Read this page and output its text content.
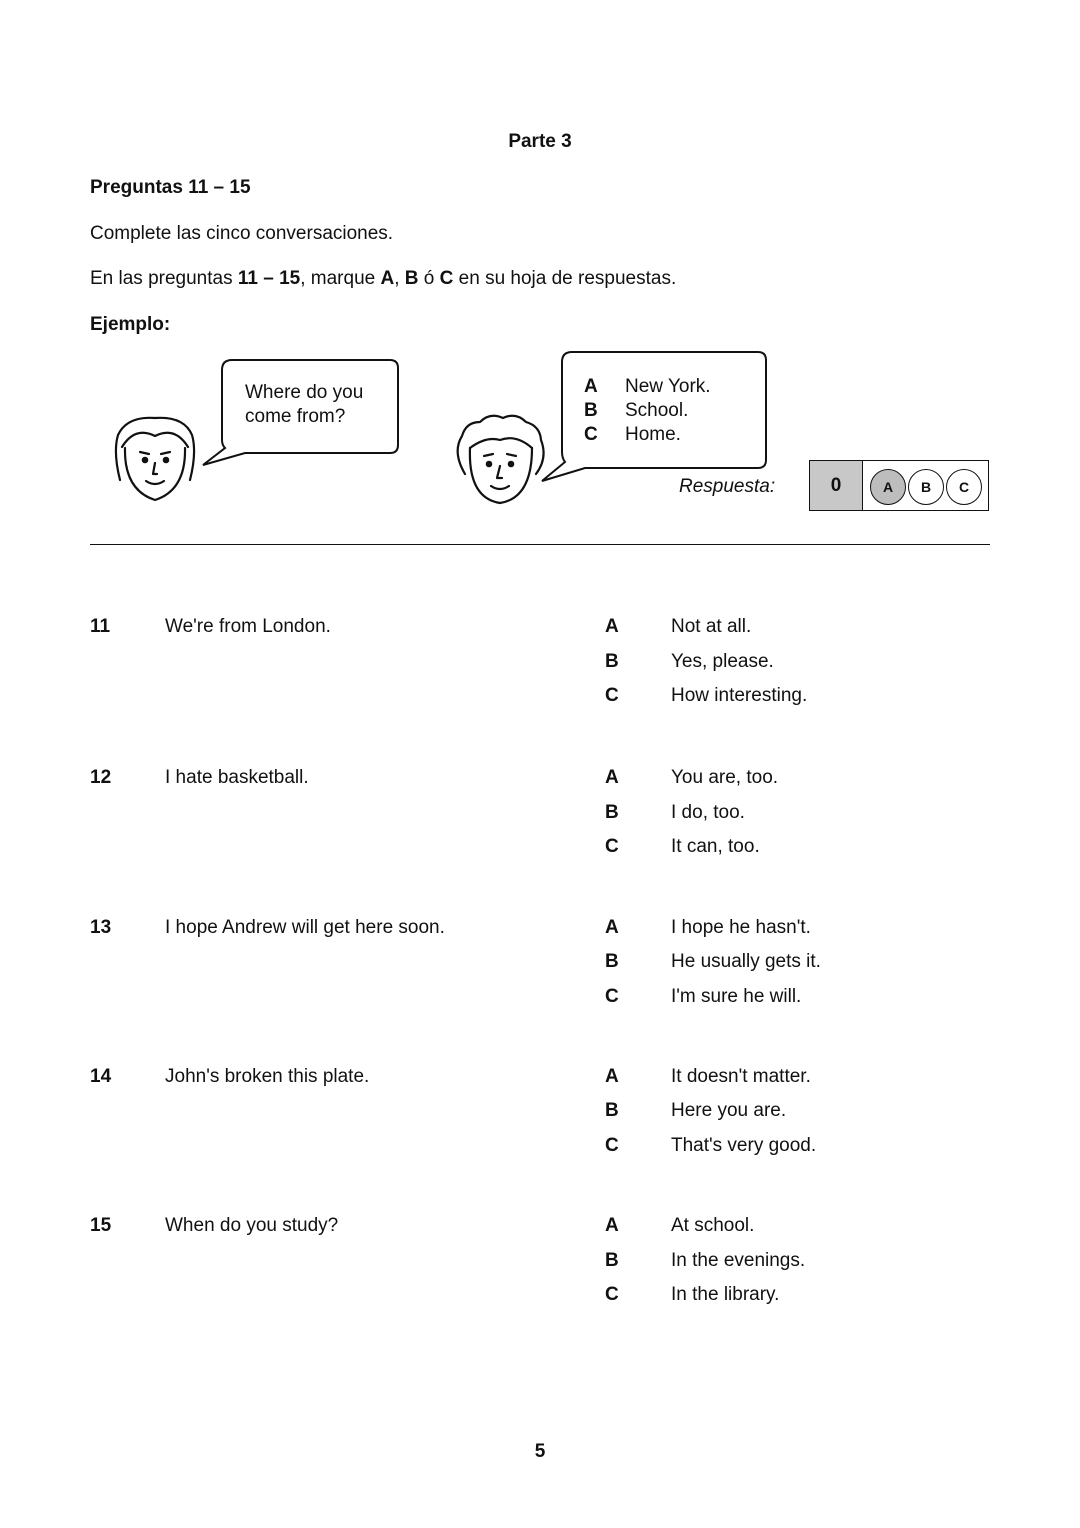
Parte 3
Preguntas 11 – 15
Complete las cinco conversaciones.
En las preguntas 11 – 15, marque A, B ó C en su hoja de respuestas.
Ejemplo:
Where do you
come from?
A New York.
B School.
C Home.
Respuesta:	0	A	B	C
11	We're from London.	A	Not at all.
B	Yes, please.
C	How interesting.
12	I hate basketball.	A	You are, too.
B	I do, too.
C	It can, too.
13	I hope Andrew will get here soon.	A	I hope he hasn't.
B	He usually gets it.
C	I'm sure he will.
14	John's broken this plate.	A	It doesn't matter.
B	Here you are.
C	That's very good.
15	When do you study?	A	At school.
B	In the evenings.
C	In the library.
5
